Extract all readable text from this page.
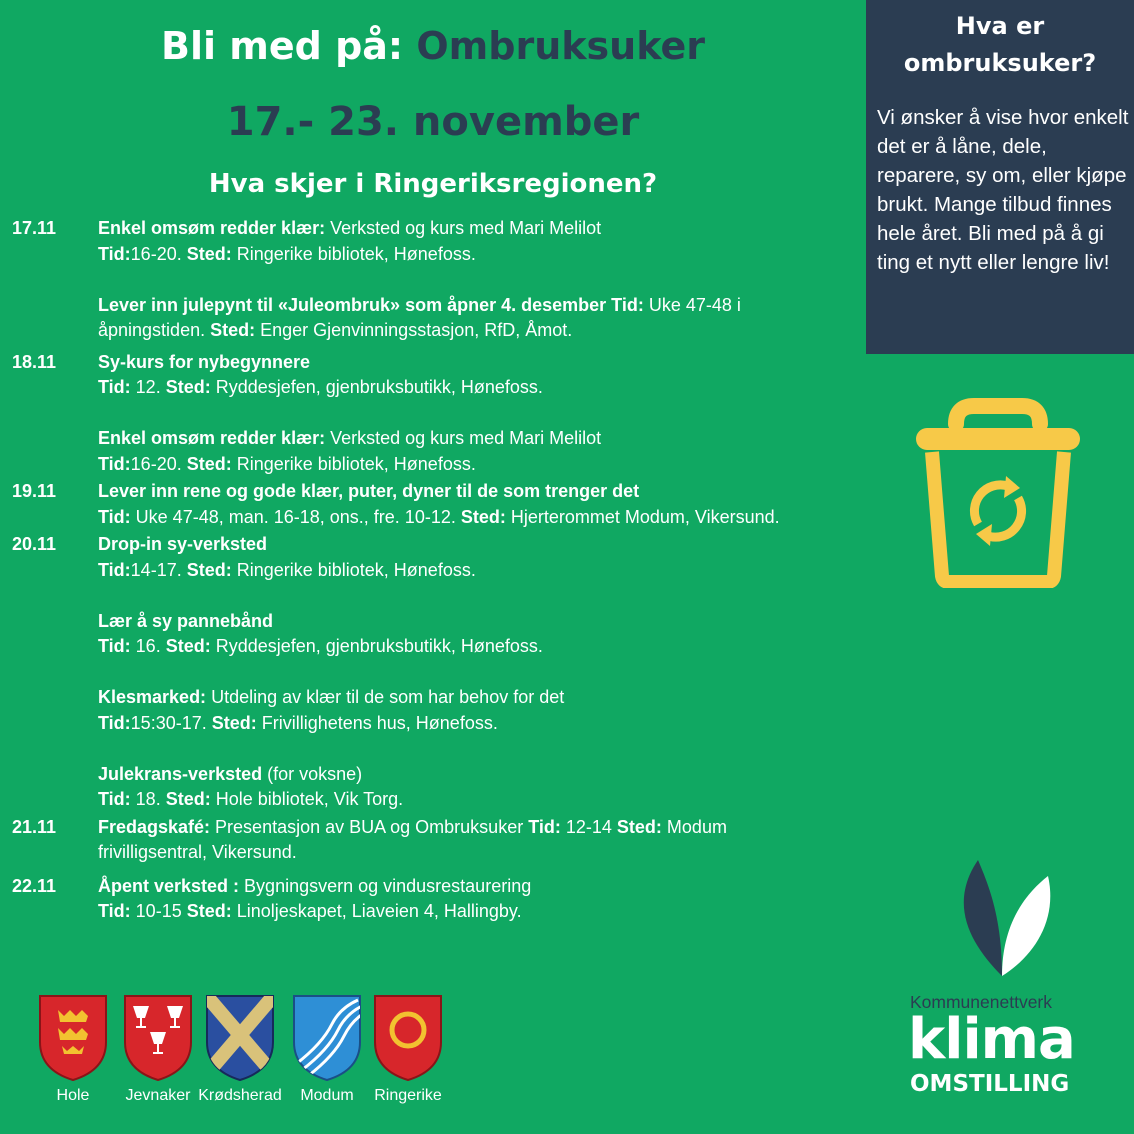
Bli med på: Ombruksuker
17.- 23. november
Hva skjer i Ringeriksregionen?
17.11 Enkel omsøm redder klær: Verksted og kurs med Mari Melilot
Tid:16-20. Sted: Ringerike bibliotek, Hønefoss.

Lever inn julepynt til «Juleombruk» som åpner 4. desember Tid: Uke 47-48 i åpningstiden. Sted: Enger Gjenvinningsstasjon, RfD, Åmot.

18.11 Sy-kurs for nybegynnere
Tid: 12. Sted: Ryddesjefen, gjenbruksbutikk, Hønefoss.

Enkel omsøm redder klær: Verksted og kurs med Mari Melilot
Tid:16-20. Sted: Ringerike bibliotek, Hønefoss.

19.11 Lever inn rene og gode klær, puter, dyner til de som trenger det
Tid: Uke 47-48, man. 16-18, ons., fre. 10-12. Sted: Hjerterommet Modum, Vikersund.

20.11 Drop-in sy-verksted
Tid:14-17. Sted: Ringerike bibliotek, Hønefoss.

Lær å sy pannebånd
Tid: 16. Sted: Ryddesjefen, gjenbruksbutikk, Hønefoss.

Klesmarked: Utdeling av klær til de som har behov for det
Tid:15:30-17. Sted: Frivillighetens hus, Hønefoss.

Julekrans-verksted (for voksne)
Tid: 18. Sted: Hole bibliotek, Vik Torg.

21.11 Fredagskafé: Presentasjon av BUA og Ombruksuker Tid: 12-14 Sted: Modum frivilligsentral, Vikersund.

22.11 Åpent verksted : Bygningsvern og vindusrestaurering
Tid: 10-15 Sted: Linoljeskapet, Liaveien 4, Hallingby.

Hva er ombruksuker?
Vi ønsker å vise hvor enkelt det er å låne, dele, reparere, sy om, eller kjøpe brukt. Mange tilbud finnes hele året. Bli med på å gi ting et nytt eller lengre liv!
Hole	Jevnaker Krødsherad	Modum	Ringerike
Kommunenettverk
klima
OMSTILLING
